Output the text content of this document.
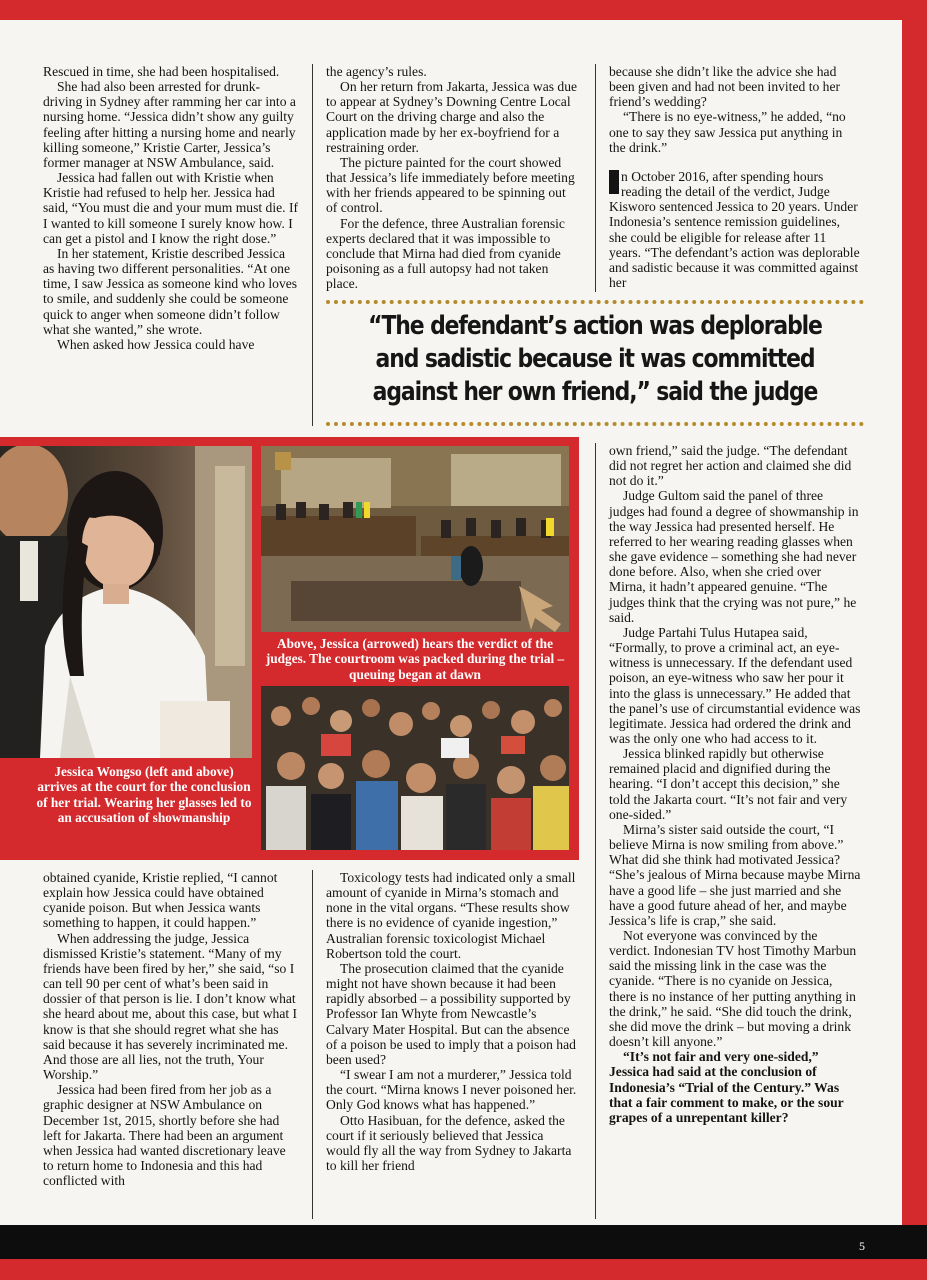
Rescued in time, she had been hospitalised.

She had also been arrested for drunk-driving in Sydney after ramming her car into a nursing home. “Jessica didn’t show any guilty feeling after hitting a nursing home and nearly killing someone,” Kristie Carter, Jessica’s former manager at NSW Ambulance, said.

Jessica had fallen out with Kristie when Kristie had refused to help her. Jessica had said, “You must die and your mum must die. If I wanted to kill someone I surely know how. I can get a pistol and I know the right dose.”

In her statement, Kristie described Jessica as having two different personalities. “At one time, I saw Jessica as someone kind who loves to smile, and suddenly she could be someone quick to anger when someone didn’t follow what she wanted,” she wrote.

When asked how Jessica could have

the agency’s rules.

On her return from Jakarta, Jessica was due to appear at Sydney’s Downing Centre Local Court on the driving charge and also the application made by her ex-boyfriend for a restraining order.

The picture painted for the court showed that Jessica’s life immediately before meeting with her friends appeared to be spinning out of control.

For the defence, three Australian forensic experts declared that it was impossible to conclude that Mirna had died from cyanide poisoning as a full autopsy had not taken place.

because she didn’t like the advice she had been given and had not been invited to her friend’s wedding?

“There is no eye-witness,” he added, “no one to say they saw Jessica put anything in the drink.”

n October 2016, after spending hours reading the detail of the verdict, Judge Kisworo sentenced Jessica to 20 years. Under Indonesia’s sentence remission guidelines, she could be eligible for release after 11 years. “The defendant’s action was deplorable and sadistic because it was committed against her

“The defendant’s action was deplorable and sadistic because it was committed against her own friend,” said the judge
Above, Jessica (arrowed) hears the verdict of the judges. The courtroom was packed during the trial – queuing began at dawn
Jessica Wongso (left and above) arrives at the court for the conclusion of her trial. Wearing her glasses led to an accusation of showmanship

own friend,” said the judge. “The defendant did not regret her action and claimed she did not do it.”

Judge Gultom said the panel of three judges had found a degree of showmanship in the way Jessica had presented herself. He referred to her wearing reading glasses when she gave evidence – something she had never done before. Also, when she cried over Mirna, it hadn’t appeared genuine. “The judges think that the crying was not pure,” he said.

Judge Partahi Tulus Hutapea said, “Formally, to prove a criminal act, an eye-witness is unnecessary. If the defendant used poison, an eye-witness who saw her pour it into the glass is unnecessary.” He added that the panel’s use of circumstantial evidence was legitimate. Jessica had ordered the drink and was the only one who had access to it.

Jessica blinked rapidly but otherwise remained placid and dignified during the hearing. “I don’t accept this decision,” she told the Jakarta court. “It’s not fair and very one-sided.”

Mirna’s sister said outside the court, “I believe Mirna is now smiling from above.” What did she think had motivated Jessica? “She’s jealous of Mirna because maybe Mirna have a good life – she just married and she have a good future ahead of her, and maybe Jessica’s life is crap,” she said.

Not everyone was convinced by the verdict. Indonesian TV host Timothy Marbun said the missing link in the case was the cyanide. “There is no cyanide on Jessica, there is no instance of her putting anything in the drink,” he said. “She did touch the drink, she did move the drink – but moving a drink doesn’t kill anyone.”

“It’s not fair and very one-sided,” Jessica had said at the conclusion of Indonesia’s “Trial of the Century.” Was that a fair comment to make, or the sour grapes of a unrepentant killer?

obtained cyanide, Kristie replied, “I cannot explain how Jessica could have obtained cyanide poison. But when Jessica wants something to happen, it could happen.”

When addressing the judge, Jessica dismissed Kristie’s statement. “Many of my friends have been fired by her,” she said, “so I can tell 90 per cent of what’s been said in dossier of that person is lie. I don’t know what she heard about me, about this case, but what I know is that she should regret what she has said because it has severely incriminated me. And those are all lies, not the truth, Your Worship.”

Jessica had been fired from her job as a graphic designer at NSW Ambulance on December 1st, 2015, shortly before she had left for Jakarta. There had been an argument when Jessica had wanted discretionary leave to return home to Indonesia and this had conflicted with

Toxicology tests had indicated only a small amount of cyanide in Mirna’s stomach and none in the vital organs. “These results show there is no evidence of cyanide ingestion,” Australian forensic toxicologist Michael Robertson told the court.

The prosecution claimed that the cyanide might not have shown because it had been rapidly absorbed – a possibility supported by Professor Ian Whyte from Newcastle’s Calvary Mater Hospital. But can the absence of a poison be used to imply that a poison had been used?

“I swear I am not a murderer,” Jessica told the court. “Mirna knows I never poisoned her. Only God knows what has happened.”

Otto Hasibuan, for the defence, asked the court if it seriously believed that Jessica would fly all the way from Sydney to Jakarta to kill her friend

5
